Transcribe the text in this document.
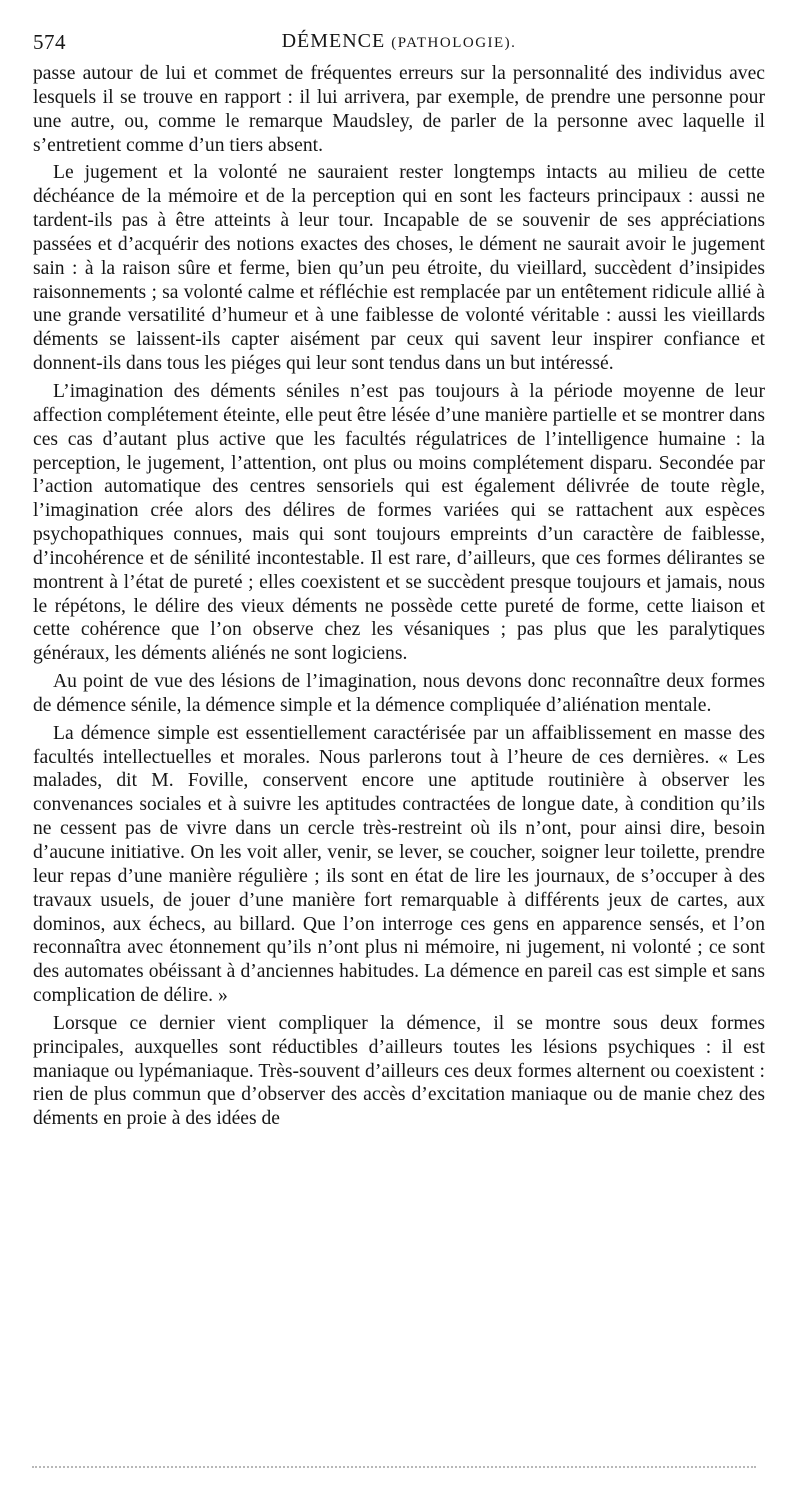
574	DÉMENCE (PATHOLOGIE).

passe autour de lui et commet de fréquentes erreurs sur la personnalité des individus avec lesquels il se trouve en rapport : il lui arrivera, par exemple, de prendre une personne pour une autre, ou, comme le remarque Maudsley, de parler de la personne avec laquelle il s’entretient comme d’un tiers absent.

Le jugement et la volonté ne sauraient rester longtemps intacts au milieu de cette déchéance de la mémoire et de la perception qui en sont les facteurs principaux : aussi ne tardent-ils pas à être atteints à leur tour. Incapable de se souvenir de ses appréciations passées et d’acquérir des notions exactes des choses, le dément ne saurait avoir le jugement sain : à la raison sûre et ferme, bien qu’un peu étroite, du vieillard, succèdent d’insipides raisonnements ; sa volonté calme et réfléchie est remplacée par un entêtement ridicule allié à une grande versatilité d’humeur et à une faiblesse de volonté véritable : aussi les vieillards déments se laissent-ils capter aisément par ceux qui savent leur inspirer confiance et donnent-ils dans tous les piéges qui leur sont tendus dans un but intéressé.

L’imagination des déments séniles n’est pas toujours à la période moyenne de leur affection complétement éteinte, elle peut être lésée d’une manière partielle et se montrer dans ces cas d’autant plus active que les facultés régulatrices de l’intelligence humaine : la perception, le jugement, l’attention, ont plus ou moins complétement disparu. Secondée par l’action automatique des centres sensoriels qui est également délivrée de toute règle, l’imagination crée alors des délires de formes variées qui se rattachent aux espèces psychopathiques connues, mais qui sont toujours empreints d’un caractère de faiblesse, d’incohérence et de sénilité incontestable. Il est rare, d’ailleurs, que ces formes délirantes se montrent à l’état de pureté ; elles coexistent et se succèdent presque toujours et jamais, nous le répétons, le délire des vieux déments ne possède cette pureté de forme, cette liaison et cette cohérence que l’on observe chez les vésaniques ; pas plus que les paralytiques généraux, les déments aliénés ne sont logiciens.

Au point de vue des lésions de l’imagination, nous devons donc reconnaître deux formes de démence sénile, la démence simple et la démence compliquée d’aliénation mentale.

La démence simple est essentiellement caractérisée par un affaiblissement en masse des facultés intellectuelles et morales. Nous parlerons tout à l’heure de ces dernières. « Les malades, dit M. Foville, conservent encore une aptitude routinière à observer les convenances sociales et à suivre les aptitudes contractées de longue date, à condition qu’ils ne cessent pas de vivre dans un cercle très-restreint où ils n’ont, pour ainsi dire, besoin d’aucune initiative. On les voit aller, venir, se lever, se coucher, soigner leur toilette, prendre leur repas d’une manière régulière ; ils sont en état de lire les journaux, de s’occuper à des travaux usuels, de jouer d’une manière fort remarquable à différents jeux de cartes, aux dominos, aux échecs, au billard. Que l’on interroge ces gens en apparence sensés, et l’on reconnaîtra avec étonnement qu’ils n’ont plus ni mémoire, ni jugement, ni volonté ; ce sont des automates obéissant à d’anciennes habitudes. La démence en pareil cas est simple et sans complication de délire. »

Lorsque ce dernier vient compliquer la démence, il se montre sous deux formes principales, auxquelles sont réductibles d’ailleurs toutes les lésions psychiques : il est maniaque ou lypémaniaque. Très-souvent d’ailleurs ces deux formes alternent ou coexistent : rien de plus commun que d’observer des accès d’excitation maniaque ou de manie chez des déments en proie à des idées de
